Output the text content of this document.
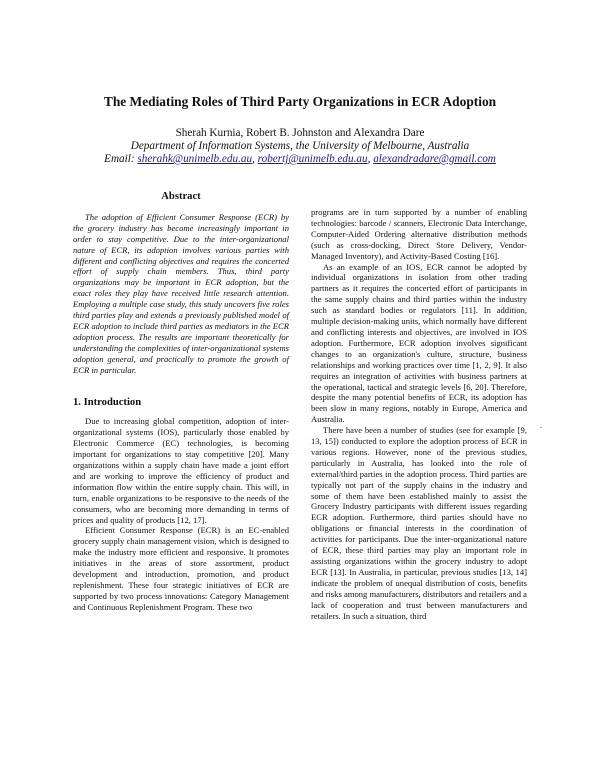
The Mediating Roles of Third Party Organizations in ECR Adoption
Sherah Kurnia, Robert B. Johnston and Alexandra Dare
Department of Information Systems, the University of Melbourne, Australia
Email: sherahk@unimelb.edu.au, robertj@unimelb.edu.au, alexandradare@gmail.com
Abstract

The adoption of Efficient Consumer Response (ECR) by the grocery industry has become increasingly important in order to stay competitive. Due to the inter-organizational nature of ECR, its adoption involves various parties with different and conflicting objectives and requires the concerted effort of supply chain members. Thus, third party organizations may be important in ECR adoption, but the exact roles they play have received little research attention. Employing a multiple case study, this study uncovers five roles third parties play and extends a previously published model of ECR adoption to include third parties as mediators in the ECR adoption process. The results are important theoretically for understanding the complexities of inter-organizational systems adoption general, and practically to promote the growth of ECR in particular.

1. Introduction

Due to increasing global competition, adoption of inter-organizational systems (IOS), particularly those enabled by Electronic Commerce (EC) technologies, is becoming important for organizations to stay competitive [20]. Many organizations within a supply chain have made a joint effort and are working to improve the efficiency of product and information flow within the entire supply chain. This will, in turn, enable organizations to be responsive to the needs of the consumers, who are becoming more demanding in terms of prices and quality of products [12, 17].

Efficient Consumer Response (ECR) is an EC-enabled grocery supply chain management vision, which is designed to make the industry more efficient and responsive. It promotes initiatives in the areas of store assortment, product development and introduction, promotion, and product replenishment. These four strategic initiatives of ECR are supported by two process innovations: Category Management and Continuous Replenishment Program. These two

programs are in turn supported by a number of enabling technologies: barcode / scanners, Electronic Data Interchange, Computer-Aided Ordering alternative distribution methods (such as cross-docking, Direct Store Delivery, Vendor-Managed Inventory), and Activity-Based Costing [16].

As an example of an IOS, ECR cannot be adopted by individual organizations in isolation from other trading partners as it requires the concerted effort of participants in the same supply chains and third parties within the industry such as standard bodies or regulators [11]. In addition, multiple decision-making units, which normally have different and conflicting interests and objectives, are involved in IOS adoption. Furthermore, ECR adoption involves significant changes to an organization's culture, structure, business relationships and working practices over time [1, 2, 9]. It also requires an integration of activities with business partners at the operational, tactical and strategic levels [6, 20]. Therefore, despite the many potential benefits of ECR, its adoption has been slow in many regions, notably in Europe, America and Australia.

There have been a number of studies (see for example [9, 13, 15]) conducted to explore the adoption process of ECR in various regions. However, none of the previous studies, particularly in Australia, has looked into the role of external/third parties in the adoption process. Third parties are typically not part of the supply chains in the industry and some of them have been established mainly to assist the Grocery Industry participants with different issues regarding ECR adoption. Furthermore, third parties should have no obligations or financial interests in the coordination of activities for participants. Due the inter-organizational nature of ECR, these third parties may play an important role in assisting organizations within the grocery industry to adopt ECR [13]. In Australia, in particular, previous studies [13, 14] indicate the problem of unequal distribution of costs, benefits and risks among manufacturers, distributors and retailers and a lack of cooperation and trust between manufacturers and retailers. In such a situation, third

.
